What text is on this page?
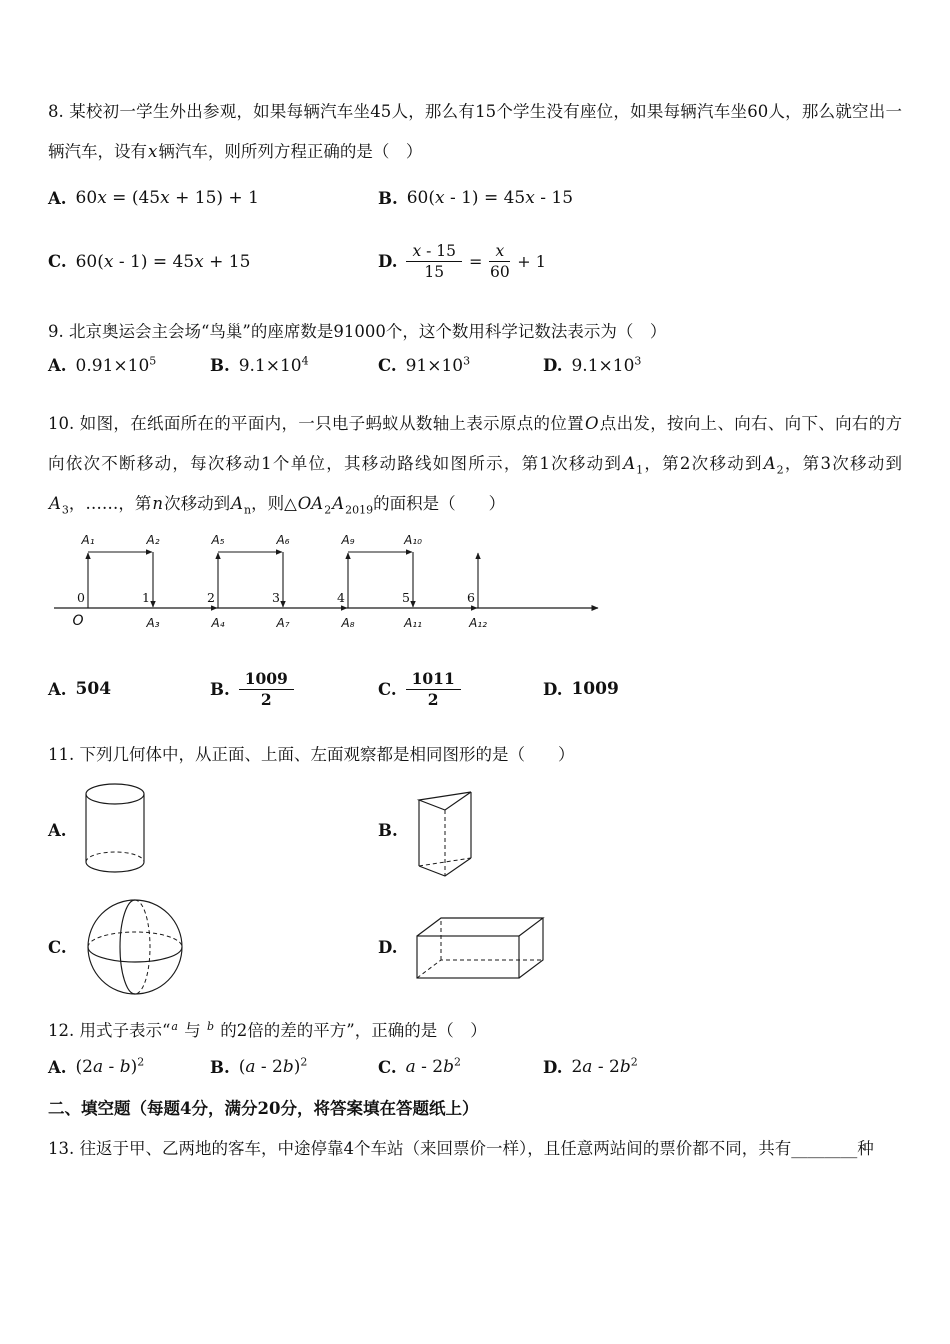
8. 某校初一学生外出参观，如果每辆汽车坐45人，那么有15个学生没有座位，如果每辆汽车坐60人，那么就空出一辆汽车，设有x辆汽车，则所列方程正确的是（　）

A. 60x = (45x + 15) + 1	B. 60(x - 1) = 45x - 15
C. 60(x - 1) = 45x + 15	D. $\frac{x - 15}{15} = \frac{x}{60} + 1$

9. 北京奥运会主会场“鸟巢”的座席数是91000个，这个数用科学记数法表示为（　）

A. $0.91\times 10^5$	B. $9.1\times 10^4$	C. $91\times 10^3$	D. $9.1\times 10^3$

10. 如图，在纸面所在的平面内，一只电子蚂蚁从数轴上表示原点的位置O点出发，按向上、向右、向下、向右的方向依次不断移动，每次移动1个单位，其移动路线如图所示，第1次移动到$A_1$，第2次移动到$A_2$，第3次移动到$A_3$，……，第n次移动到$A_n$，则$\triangle OA_2A_{2019}$的面积是（　　）

A₁	A₂	A₅	A₆	A₉	A₁₀
A₃	A₄	A₇	A₈	A₁₁	A₁₂
0	1	2	3	4	5	6
O
A. 504	B. $\frac{1009}{2}$	C. $\frac{1011}{2}$	D. 1009

11. 下列几何体中，从正面、上面、左面观察都是相同图形的是（　　）

A.	B.
C.	D.

12. 用式子表示“$^a$ 与 $^b$ 的2倍的差的平方”，正确的是（　）

A. (2a - b)$^2$	B. (a - 2b)$^2$	C. a - $2b^2$	D. $2a - 2b^2$

二、填空题（每题4分，满分20分，将答案填在答题纸上）

13. 往返于甲、乙两地的客车，中途停靠4个车站（来回票价一样），且任意两站间的票价都不同，共有________种
